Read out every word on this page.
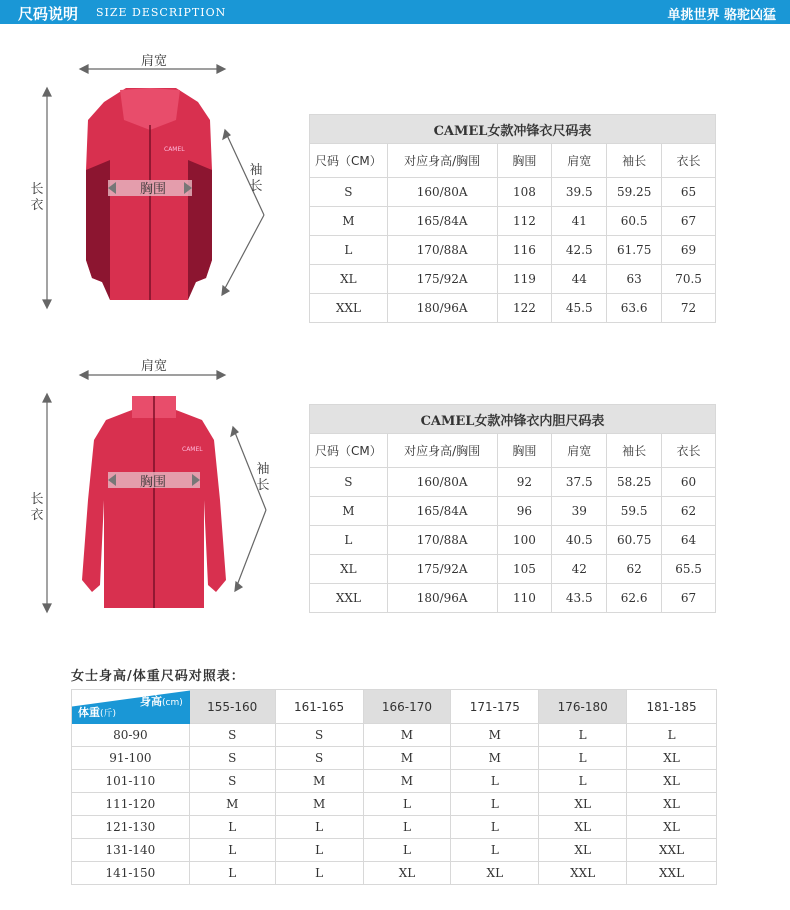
尺码说明 SIZE DESCRIPTION	单挑世界 骆驼凶猛
肩宽
长衣
袖长
胸围
CAMEL
CAMEL女款冲锋衣尺码表					
尺码（CM）	对应身高/胸围	胸围	肩宽	袖长	衣长
S	160/80A	108	39.5	59.25	65
M	165/84A	112	41	60.5	67
L	170/88A	116	42.5	61.75	69
XL	175/92A	119	44	63	70.5
XXL	180/96A	122	45.5	63.6	72
肩宽
长衣
袖长
胸围
CAMEL
CAMEL女款冲锋衣内胆尺码表					
尺码（CM）	对应身高/胸围	胸围	肩宽	袖长	衣长
S	160/80A	92	37.5	58.25	60
M	165/84A	96	39	59.5	62
L	170/88A	100	40.5	60.75	64
XL	175/92A	105	42	62	65.5
XXL	180/96A	110	43.5	62.6	67
女士身高/体重尺码对照表：
身高(cm)
体重(斤)	155-160	161-165	166-170	171-175	176-180	181-185
80-90	S	S	M	M	L	L
91-100	S	S	M	M	L	XL
101-110	S	M	M	L	L	XL
111-120	M	M	L	L	XL	XL
121-130	L	L	L	L	XL	XL
131-140	L	L	L	L	XL	XXL
141-150	L	L	XL	XL	XXL	XXL
